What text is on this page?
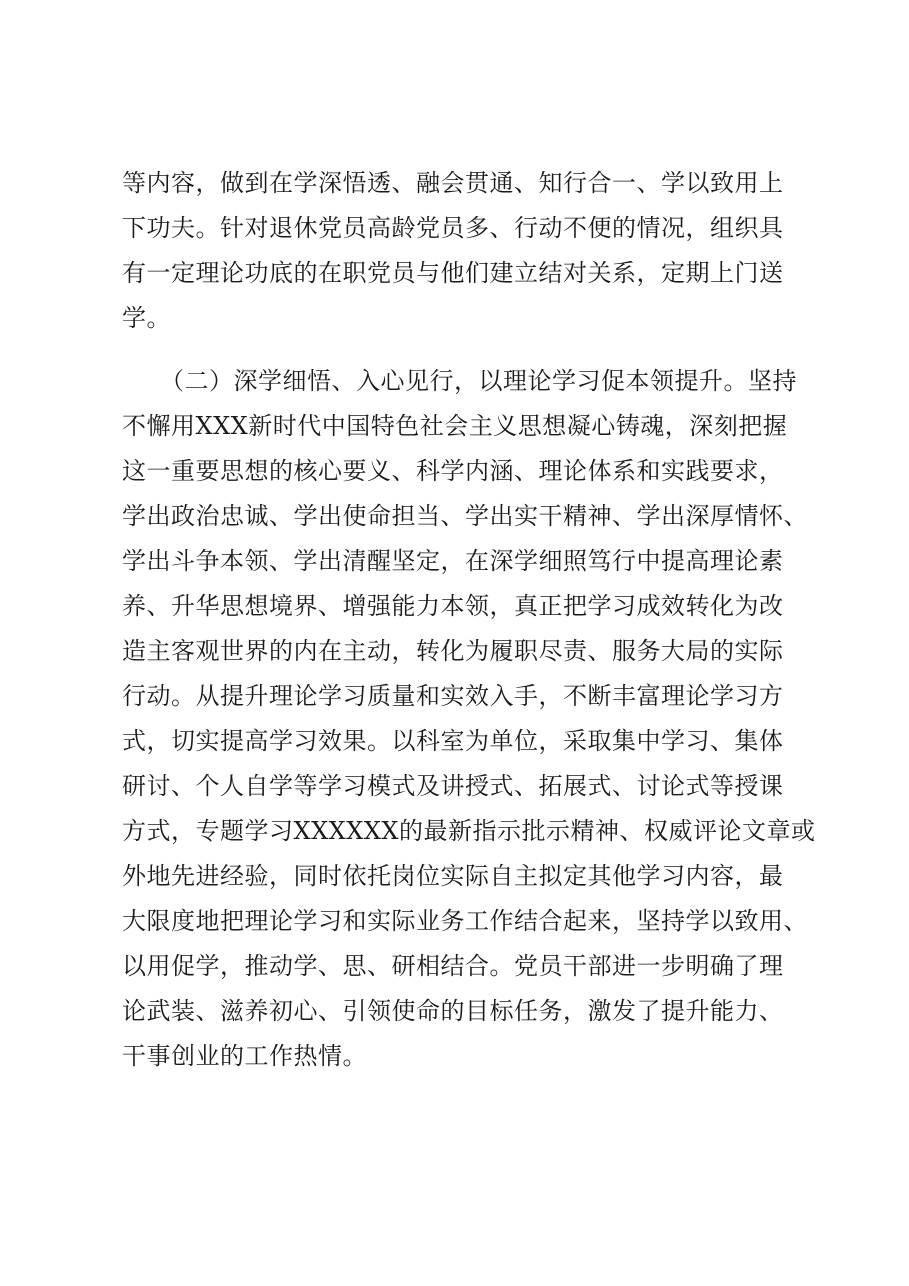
等内容，做到在学深悟透、融会贯通、知行合一、学以致用上
下功夫。针对退休党员高龄党员多、行动不便的情况，组织具
有一定理论功底的在职党员与他们建立结对关系，定期上门送
学。
（二）深学细悟、入心见行，以理论学习促本领提升。坚持
不懈用XXX新时代中国特色社会主义思想凝心铸魂，深刻把握
这一重要思想的核心要义、科学内涵、理论体系和实践要求，
学出政治忠诚、学出使命担当、学出实干精神、学出深厚情怀、
学出斗争本领、学出清醒坚定，在深学细照笃行中提高理论素
养、升华思想境界、增强能力本领，真正把学习成效转化为改
造主客观世界的内在主动，转化为履职尽责、服务大局的实际
行动。从提升理论学习质量和实效入手，不断丰富理论学习方
式，切实提高学习效果。以科室为单位，采取集中学习、集体
研讨、个人自学等学习模式及讲授式、拓展式、讨论式等授课
方式，专题学习XXXXXX的最新指示批示精神、权威评论文章或
外地先进经验，同时依托岗位实际自主拟定其他学习内容，最
大限度地把理论学习和实际业务工作结合起来，坚持学以致用、
以用促学，推动学、思、研相结合。党员干部进一步明确了理
论武装、滋养初心、引领使命的目标任务，激发了提升能力、
干事创业的工作热情。
